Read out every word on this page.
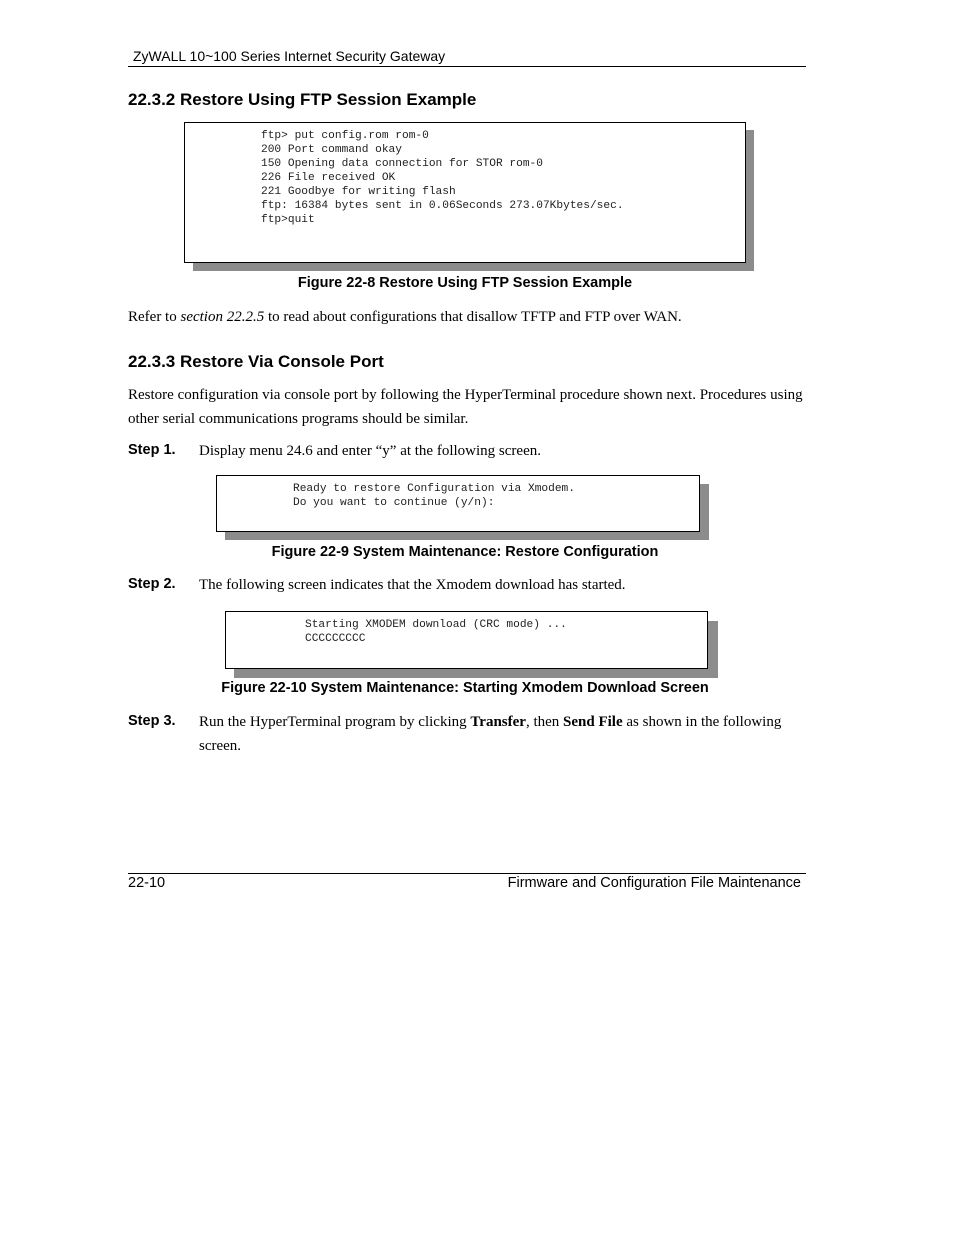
ZyWALL 10~100 Series Internet Security Gateway
22.3.2 Restore Using FTP Session Example
ftp> put config.rom rom-0
200 Port command okay
150 Opening data connection for STOR rom-0
226 File received OK
221 Goodbye for writing flash
ftp: 16384 bytes sent in 0.06Seconds 273.07Kbytes/sec.
ftp>quit
Figure 22-8 Restore Using FTP Session Example
Refer to section 22.2.5 to read about configurations that disallow TFTP and FTP over WAN.
22.3.3 Restore Via Console Port
Restore configuration via console port by following the HyperTerminal procedure shown next. Procedures using other serial communications programs should be similar.
Step 1. Display menu 24.6 and enter “y” at the following screen.
Ready to restore Configuration via Xmodem.
Do you want to continue (y/n):
Figure 22-9 System Maintenance: Restore Configuration
Step 2. The following screen indicates that the Xmodem download has started.
Starting XMODEM download (CRC mode) ...
CCCCCCCCC
Figure 22-10 System Maintenance: Starting Xmodem Download Screen
Step 3. Run the HyperTerminal program by clicking Transfer, then Send File as shown in the following screen.
22-10	Firmware and Configuration File Maintenance
